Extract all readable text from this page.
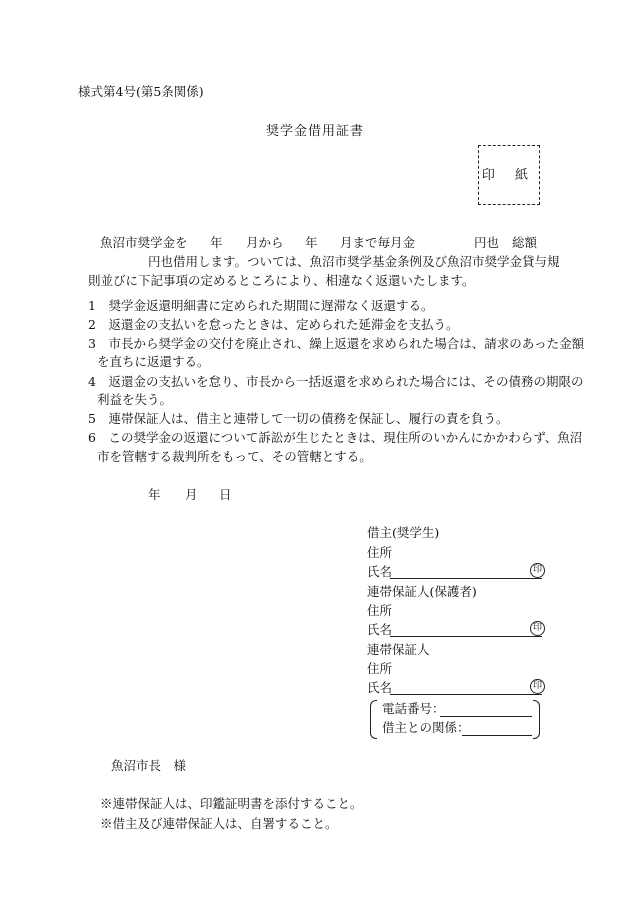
様式第4号(第5条関係)
奨学金借用証書
印 紙
魚沼市奨学金を 年 月から 年 月まで毎月金	円也 総額
円也借用します。ついては、魚沼市奨学基金条例及び魚沼市奨学金貸与規
則並びに下記事項の定めるところにより、相違なく返還いたします。
1　奨学金返還明細書に定められた期間に遅滞なく返還する。
2　返還金の支払いを怠ったときは、定められた延滞金を支払う。
3　市長から奨学金の交付を廃止され、繰上返還を求められた場合は、請求のあった金額
を直ちに返還する。
4　返還金の支払いを怠り、市長から一括返還を求められた場合には、その債務の期限の
利益を失う。
5　連帯保証人は、借主と連帯して一切の債務を保証し、履行の責を負う。
6　この奨学金の返還について訴訟が生じたときは、現住所のいかんにかかわらず、魚沼
市を管轄する裁判所をもって、その管轄とする。
年 月 日
借主(奨学生)
住所
氏名	印
連帯保証人(保護者)
住所
氏名	印
連帯保証人
住所
氏名	印
電話番号：
借主との関係：
魚沼市長　様
※連帯保証人は、印鑑証明書を添付すること。
※借主及び連帯保証人は、自署すること。
